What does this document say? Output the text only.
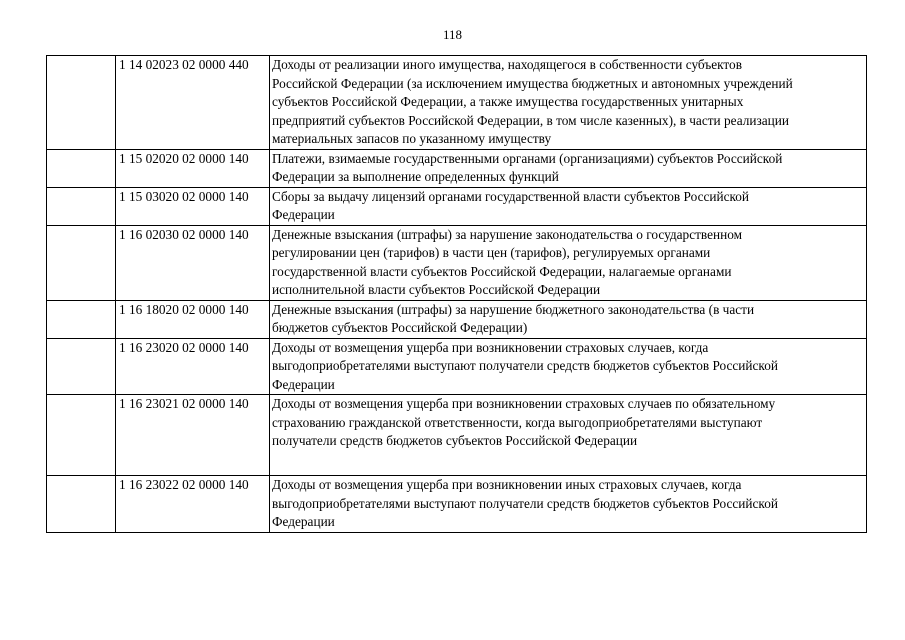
118
	1 14 02023 02 0000 440	Доходы от реализации иного имущества, находящегося в собственности субъектов
Российской Федерации (за исключением имущества бюджетных и автономных учреждений
субъектов Российской Федерации, а также имущества государственных унитарных
предприятий субъектов Российской Федерации, в том числе казенных), в части реализации
материальных запасов по указанному имуществу

	1 15 02020 02 0000 140	Платежи, взимаемые государственными органами (организациями) субъектов Российской
Федерации за выполнение определенных функций

	1 15 03020 02 0000 140	Сборы за выдачу лицензий органами государственной власти субъектов Российской
Федерации

	1 16 02030 02 0000 140	Денежные взыскания (штрафы) за нарушение законодательства о государственном
регулировании цен (тарифов) в части цен (тарифов), регулируемых органами
государственной власти субъектов Российской Федерации, налагаемые органами
исполнительной власти субъектов Российской Федерации

	1 16 18020 02 0000 140	Денежные взыскания (штрафы) за нарушение бюджетного законодательства (в части
бюджетов субъектов Российской Федерации)

	1 16 23020 02 0000 140	Доходы от возмещения ущерба при возникновении страховых случаев, когда
выгодоприобретателями выступают получатели средств бюджетов субъектов Российской
Федерации

	1 16 23021 02 0000 140	Доходы от возмещения ущерба при возникновении страховых случаев по обязательному
страхованию гражданской ответственности, когда выгодоприобретателями выступают
получатели средств бюджетов субъектов Российской Федерации

	1 16 23022 02 0000 140	Доходы от возмещения ущерба при возникновении иных страховых случаев, когда
выгодоприобретателями выступают получатели средств бюджетов субъектов Российской
Федерации
